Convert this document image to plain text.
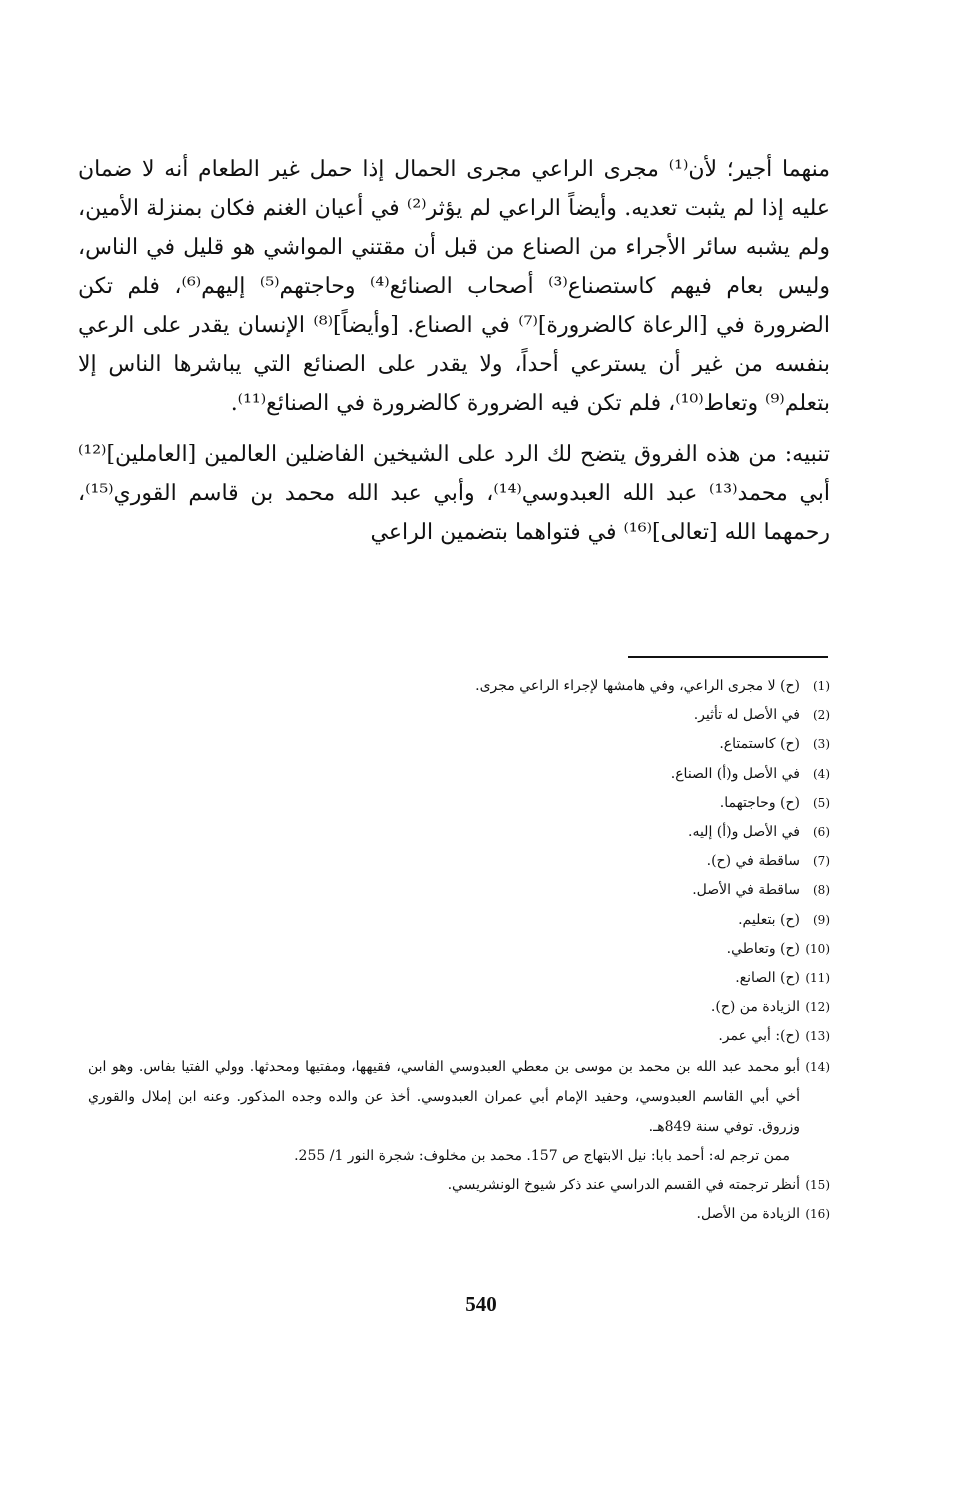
منهما أجير؛ لأن⁽¹⁾ مجرى الراعي مجرى الحمال إذا حمل غير الطعام أنه لا ضمان عليه إذا لم يثبت تعديه. وأيضاً الراعي لم يؤثر⁽²⁾ في أعيان الغنم فكان بمنزلة الأمين، ولم يشبه سائر الأجراء من الصناع من قبل أن مقتني المواشي هو قليل في الناس، وليس بعام فيهم كاستصناع⁽³⁾ أصحاب الصنائع⁽⁴⁾ وحاجتهم⁽⁵⁾ إليهم⁽⁶⁾، فلم تكن الضرورة في [الرعاة كالضرورة]⁽⁷⁾ في الصناع. [وأيضاً]⁽⁸⁾ الإنسان يقدر على الرعي بنفسه من غير أن يسترعي أحداً، ولا يقدر على الصنائع التي يباشرها الناس إلا بتعلم⁽⁹⁾ وتعاط⁽¹⁰⁾، فلم تكن فيه الضرورة كالضرورة في الصنائع⁽¹¹⁾.

تنبيه: من هذه الفروق يتضح لك الرد على الشيخين الفاضلين العالمين [العاملين]⁽¹²⁾ أبي محمد⁽¹³⁾ عبد الله العبدوسي⁽¹⁴⁾، وأبي عبد الله محمد بن قاسم القوري⁽¹⁵⁾، رحمهما الله [تعالى]⁽¹⁶⁾ في فتواهما بتضمين الراعي

(1)
(ح) لا مجرى الراعي، وفي هامشها لإجراء الراعي مجرى.
(2)
في الأصل له تأثير.
(3)
(ح) كاستمتاع.
(4)
في الأصل و(أ) الصناع.
(5)
(ح) وحاجتهما.
(6)
في الأصل و(أ) إليه.
(7)
ساقطة في (ح).
(8)
ساقطة في الأصل.
(9)
(ح) بتعليم.
(10)
(ح) وتعاطي.
(11)
(ح) الصانع.
(12)
الزيادة من (ح).
(13)
(ح): أبي عمر.
(14)
أبو محمد عبد الله بن محمد بن موسى بن معطي العبدوسي الفاسي، فقيهها، ومفتيها ومحدثها. وولي الفتيا بفاس. وهو ابن أخي أبي القاسم العبدوسي، وحفيد الإمام أبي عمران العبدوسي. أخذ عن والده وجده المذكور. وعنه ابن إملال والقوري وزروق. توفي سنة 849هـ.
ممن ترجم له: أحمد بابا: نيل الابتهاج ص 157. محمد بن مخلوف: شجرة النور 1/ 255.
(15)
أنظر ترجمته في القسم الدراسي عند ذكر شيوخ الونشريسي.
(16)
الزيادة من الأصل.
540
